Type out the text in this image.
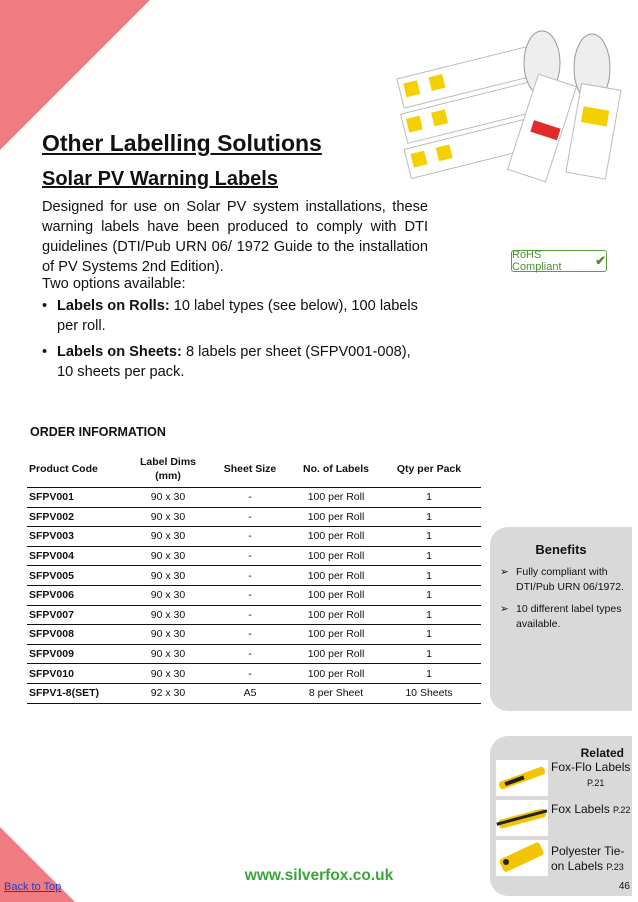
Other Labelling Solutions
Solar PV Warning Labels

Designed for use on Solar PV system installations, these warning labels have been produced to comply with DTI guidelines (DTI/Pub URN 06/ 1972 Guide to the installation of PV Systems 2nd Edition).

Two options available:
• Labels on Rolls: 10 label types (see below), 100 labels per roll.
• Labels on Sheets: 8 labels per sheet (SFPV001-008), 10 sheets per pack.
RoHS Compliant	✔
ORDER INFORMATION
Product Code	Label Dims (mm)	Sheet Size	No. of Labels	Qty per Pack
SFPV001	90 x 30	-	100 per Roll	1
SFPV002	90 x 30	-	100 per Roll	1
SFPV003	90 x 30	-	100 per Roll	1
SFPV004	90 x 30	-	100 per Roll	1
SFPV005	90 x 30	-	100 per Roll	1
SFPV006	90 x 30	-	100 per Roll	1
SFPV007	90 x 30	-	100 per Roll	1
SFPV008	90 x 30	-	100 per Roll	1
SFPV009	90 x 30	-	100 per Roll	1
SFPV010	90 x 30	-	100 per Roll	1
SFPV1-8(SET)	92 x 30	A5	8 per Sheet	10 Sheets
Benefits
➢ Fully compliant with DTI/Pub URN 06/1972.
➢ 10 different label types available.
Related
Fox-Flo Labels
P.21
Fox Labels P.22
Polyester Tie-on Labels P.23
www.silverfox.co.uk
Back to Top	46
